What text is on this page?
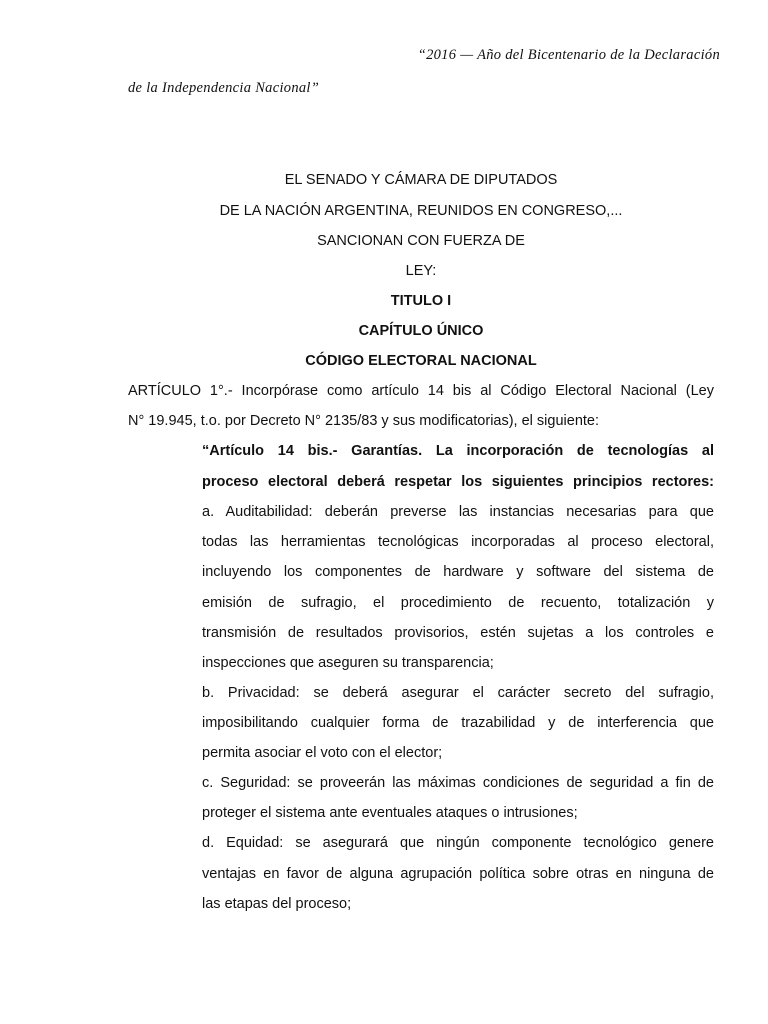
“2016 — Año del Bicentenario de la Declaración
de la Independencia Nacional”
EL SENADO Y CÁMARA DE DIPUTADOS
DE LA NACIÓN ARGENTINA, REUNIDOS EN CONGRESO,...
SANCIONAN CON FUERZA DE
LEY:
TITULO I
CAPÍTULO ÚNICO
CÓDIGO ELECTORAL NACIONAL
ARTÍCULO 1°.- Incorpórase como artículo 14 bis al Código Electoral Nacional (Ley
N° 19.945, t.o. por Decreto N° 2135/83 y sus modificatorias), el siguiente:
“Artículo 14 bis.- Garantías. La incorporación de tecnologías al
proceso electoral deberá respetar los siguientes principios rectores:
a. Auditabilidad: deberán preverse las instancias necesarias para que
todas las herramientas tecnológicas incorporadas al proceso electoral,
incluyendo los componentes de hardware y software del sistema de
emisión de sufragio, el procedimiento de recuento, totalización y
transmisión de resultados provisorios, estén sujetas a los controles e
inspecciones que aseguren su transparencia;
b. Privacidad: se deberá asegurar el carácter secreto del sufragio,
imposibilitando cualquier forma de trazabilidad y de interferencia que
permita asociar el voto con el elector;
c. Seguridad: se proveerán las máximas condiciones de seguridad a fin de
proteger el sistema ante eventuales ataques o intrusiones;
d. Equidad: se asegurará que ningún componente tecnológico genere
ventajas en favor de alguna agrupación política sobre otras en ninguna de
las etapas del proceso;
